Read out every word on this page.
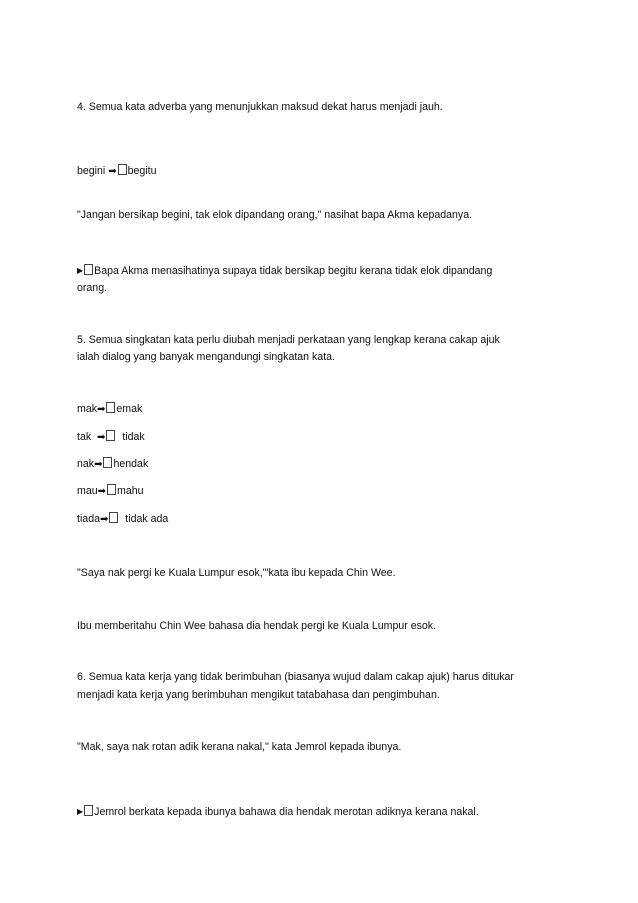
4. Semua kata adverba yang menunjukkan maksud dekat harus menjadi jauh.
begini ➡ begitu
"Jangan bersikap begini, tak elok dipandang orang," nasihat bapa Akma kepadanya.
▶ Bapa Akma menasihatinya supaya tidak bersikap begitu kerana tidak elok dipandang
orang.
5. Semua singkatan kata perlu diubah menjadi perkataan yang lengkap kerana cakap ajuk
ialah dialog yang banyak mengandungi singkatan kata.
mak➡ emak
tak  ➡  tidak
nak➡ hendak
mau➡ mahu
tiada➡  tidak ada
"Saya nak pergi ke Kuala Lumpur esok,"'kata ibu kepada Chin Wee.
Ibu memberitahu Chin Wee bahasa dia hendak pergi ke Kuala Lumpur esok.
6. Semua kata kerja yang tidak berimbuhan (biasanya wujud dalam cakap ajuk) harus ditukar
menjadi kata kerja yang berimbuhan mengikut tatabahasa dan pengimbuhan.
"Mak, saya nak rotan adik kerana nakal," kata Jemrol kepada ibunya.
▶ Jemrol berkata kepada ibunya bahawa dia hendak merotan adiknya kerana nakal.
